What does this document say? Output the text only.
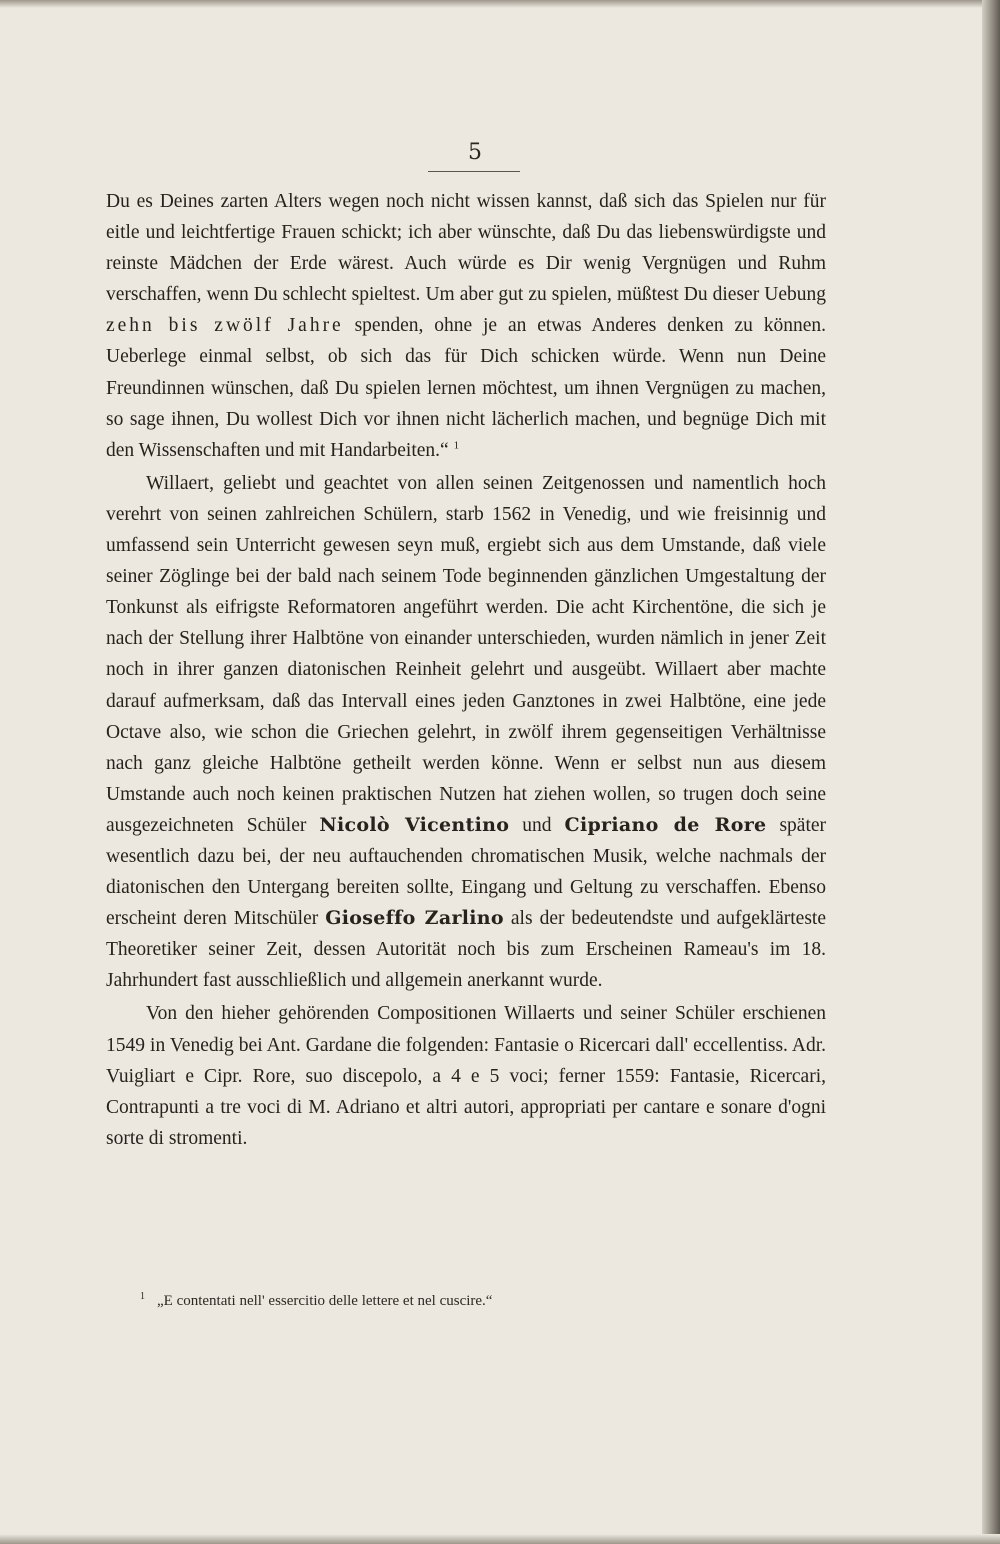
5

Du es Deines zarten Alters wegen noch nicht wissen kannst, daß sich das Spielen nur für eitle und leichtfertige Frauen schickt; ich aber wünschte, daß Du das liebenswürdigste und reinste Mädchen der Erde wärest. Auch würde es Dir wenig Vergnügen und Ruhm verschaffen, wenn Du schlecht spieltest. Um aber gut zu spielen, müßtest Du dieser Uebung zehn bis zwölf Jahre spenden, ohne je an etwas Anderes denken zu können. Ueberlege einmal selbst, ob sich das für Dich schicken würde. Wenn nun Deine Freundinnen wünschen, daß Du spielen lernen möchtest, um ihnen Vergnügen zu machen, so sage ihnen, Du wollest Dich vor ihnen nicht lächerlich machen, und begnüge Dich mit den Wissenschaften und mit Handarbeiten.“ $^1$

Willaert, geliebt und geachtet von allen seinen Zeitgenossen und namentlich hoch verehrt von seinen zahlreichen Schülern, starb 1562 in Venedig, und wie freisinnig und umfassend sein Unterricht gewesen seyn muß, ergiebt sich aus dem Umstande, daß viele seiner Zöglinge bei der bald nach seinem Tode beginnenden gänzlichen Umgestaltung der Tonkunst als eifrigste Reformatoren angeführt werden. Die acht Kirchentöne, die sich je nach der Stellung ihrer Halbtöne von einander unterschieden, wurden nämlich in jener Zeit noch in ihrer ganzen diatonischen Reinheit gelehrt und ausgeübt. Willaert aber machte darauf aufmerksam, daß das Intervall eines jeden Ganztones in zwei Halbtöne, eine jede Octave also, wie schon die Griechen gelehrt, in zwölf ihrem gegenseitigen Verhältnisse nach ganz gleiche Halbtöne getheilt werden könne. Wenn er selbst nun aus diesem Umstande auch noch keinen praktischen Nutzen hat ziehen wollen, so trugen doch seine ausgezeichneten Schüler Nicolò Vicentino und Cipriano de Rore später wesentlich dazu bei, der neu auftauchenden chromatischen Musik, welche nachmals der diatonischen den Untergang bereiten sollte, Eingang und Geltung zu verschaffen. Ebenso erscheint deren Mitschüler Gioseffo Zarlino als der bedeutendste und aufgeklärteste Theoretiker seiner Zeit, dessen Autorität noch bis zum Erscheinen Rameau's im 18. Jahrhundert fast ausschließlich und allgemein anerkannt wurde.

Von den hieher gehörenden Compositionen Willaerts und seiner Schüler erschienen 1549 in Venedig bei Ant. Gardane die folgenden: Fantasie o Ricercari dall' eccellentiss. Adr. Vuigliart e Cipr. Rore, suo discepolo, a 4 e 5 voci; ferner 1559: Fantasie, Ricercari, Contrapunti a tre voci di M. Adriano et altri autori, appropriati per cantare e sonare d'ogni sorte di stromenti.

$^1$ „E contentati nell' essercitio delle lettere et nel cuscire.“
